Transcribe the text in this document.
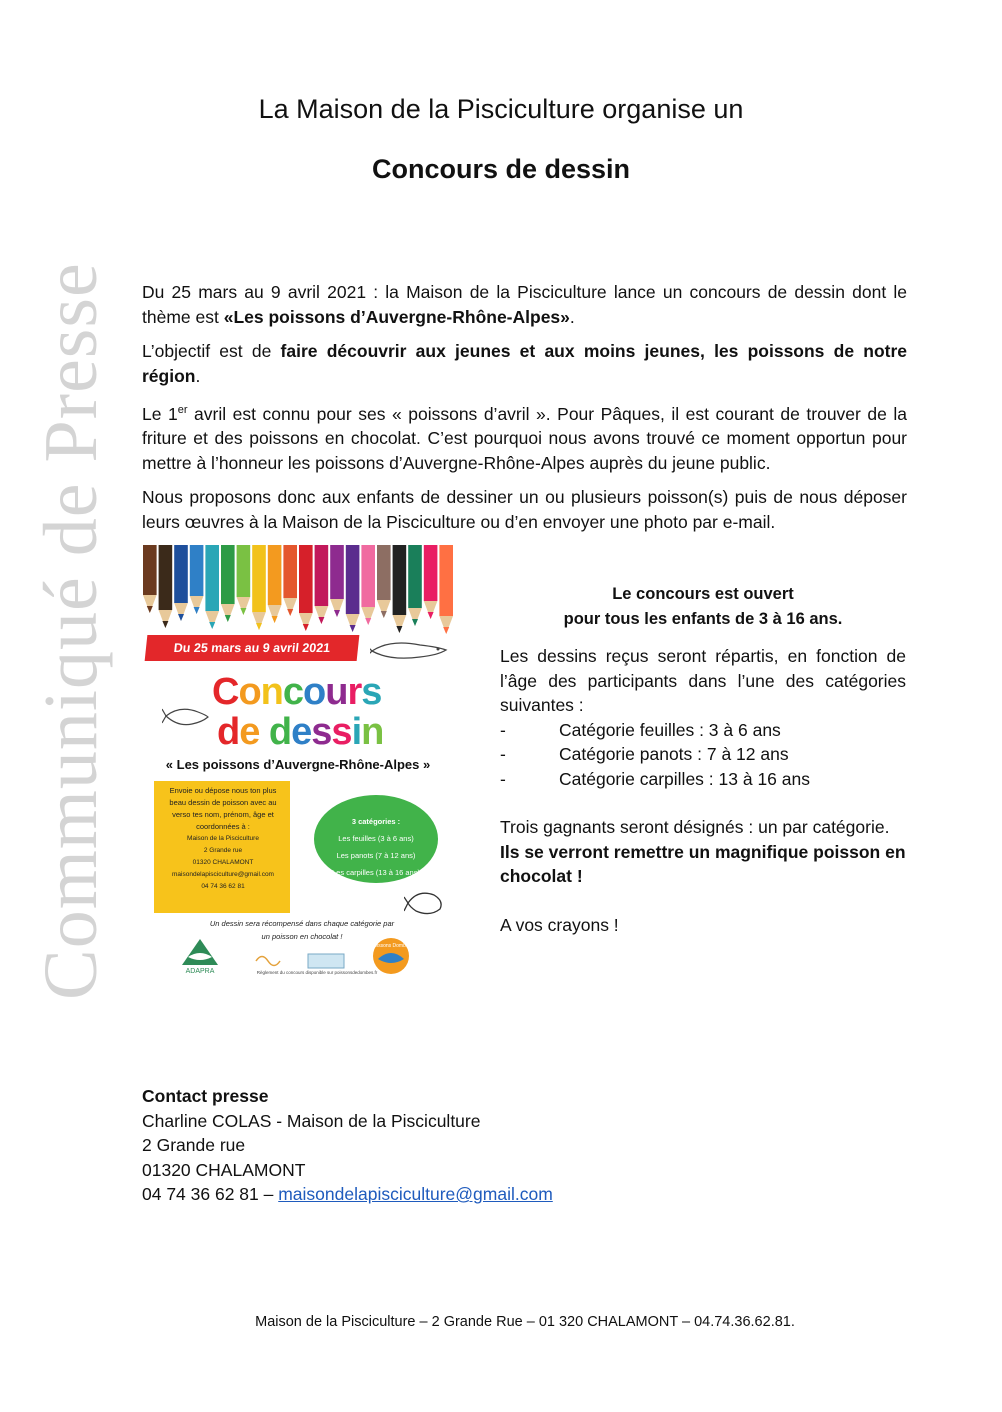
Communiqué de Presse
La Maison de la Pisciculture organise un
Concours de dessin

Du 25 mars au 9 avril 2021 : la Maison de la Pisciculture lance un concours de dessin dont le thème est «Les poissons d’Auvergne-Rhône-Alpes».

L’objectif est de faire découvrir aux jeunes et aux moins jeunes, les poissons de notre région.

Le 1er avril est connu pour ses « poissons d’avril ». Pour Pâques, il est courant de trouver de la friture et des poissons en chocolat. C’est pourquoi nous avons trouvé ce moment opportun pour mettre à l’honneur les poissons d’Auvergne-Rhône-Alpes auprès du jeune public.

Nous proposons donc aux enfants de dessiner un ou plusieurs poisson(s) puis de nous déposer leurs œuvres à la Maison de la Pisciculture ou d’en envoyer une photo par e-mail.

Du 25 mars au 9 avril 2021
Concours
de dessin
« Les poissons d’Auvergne-Rhône-Alpes »
Envoie ou dépose nous ton plus
beau dessin de poisson avec au
verso tes nom, prénom, âge et
coordonnées à :
Maison de la Pisciculture
2 Grande rue
01320 CHALAMONT
maisondelapisciculture@gmail.com
04 74 36 62 81
3 catégories :
Les feuilles (3 à 6 ans)
Les panots (7 à 12 ans)
Les carpilles (13 à 16 ans)
Un dessin sera récompensé dans chaque catégorie par
un poisson en chocolat !
ADAPRA
Poissons Dombes
Règlement du concours disponible sur poissonsdedombes.fr
Le concours est ouvert
pour tous les enfants de 3 à 16 ans.

Les dessins reçus seront répartis, en fonction de l’âge des participants dans l’une des catégories suivantes :

-	Catégorie feuilles : 3 à 6 ans
-	Catégorie panots : 7 à 12 ans
-	Catégorie carpilles : 13 à 16 ans

Trois gagnants seront désignés : un par catégorie.

Ils se verront remettre un magnifique poisson en chocolat !

A vos crayons !

Contact presse
Charline COLAS - Maison de la Pisciculture
2 Grande rue
01320 CHALAMONT
04 74 36 62 81 – maisondelapisciculture@gmail.com
Maison de la Pisciculture – 2 Grande Rue – 01 320 CHALAMONT – 04.74.36.62.81.
